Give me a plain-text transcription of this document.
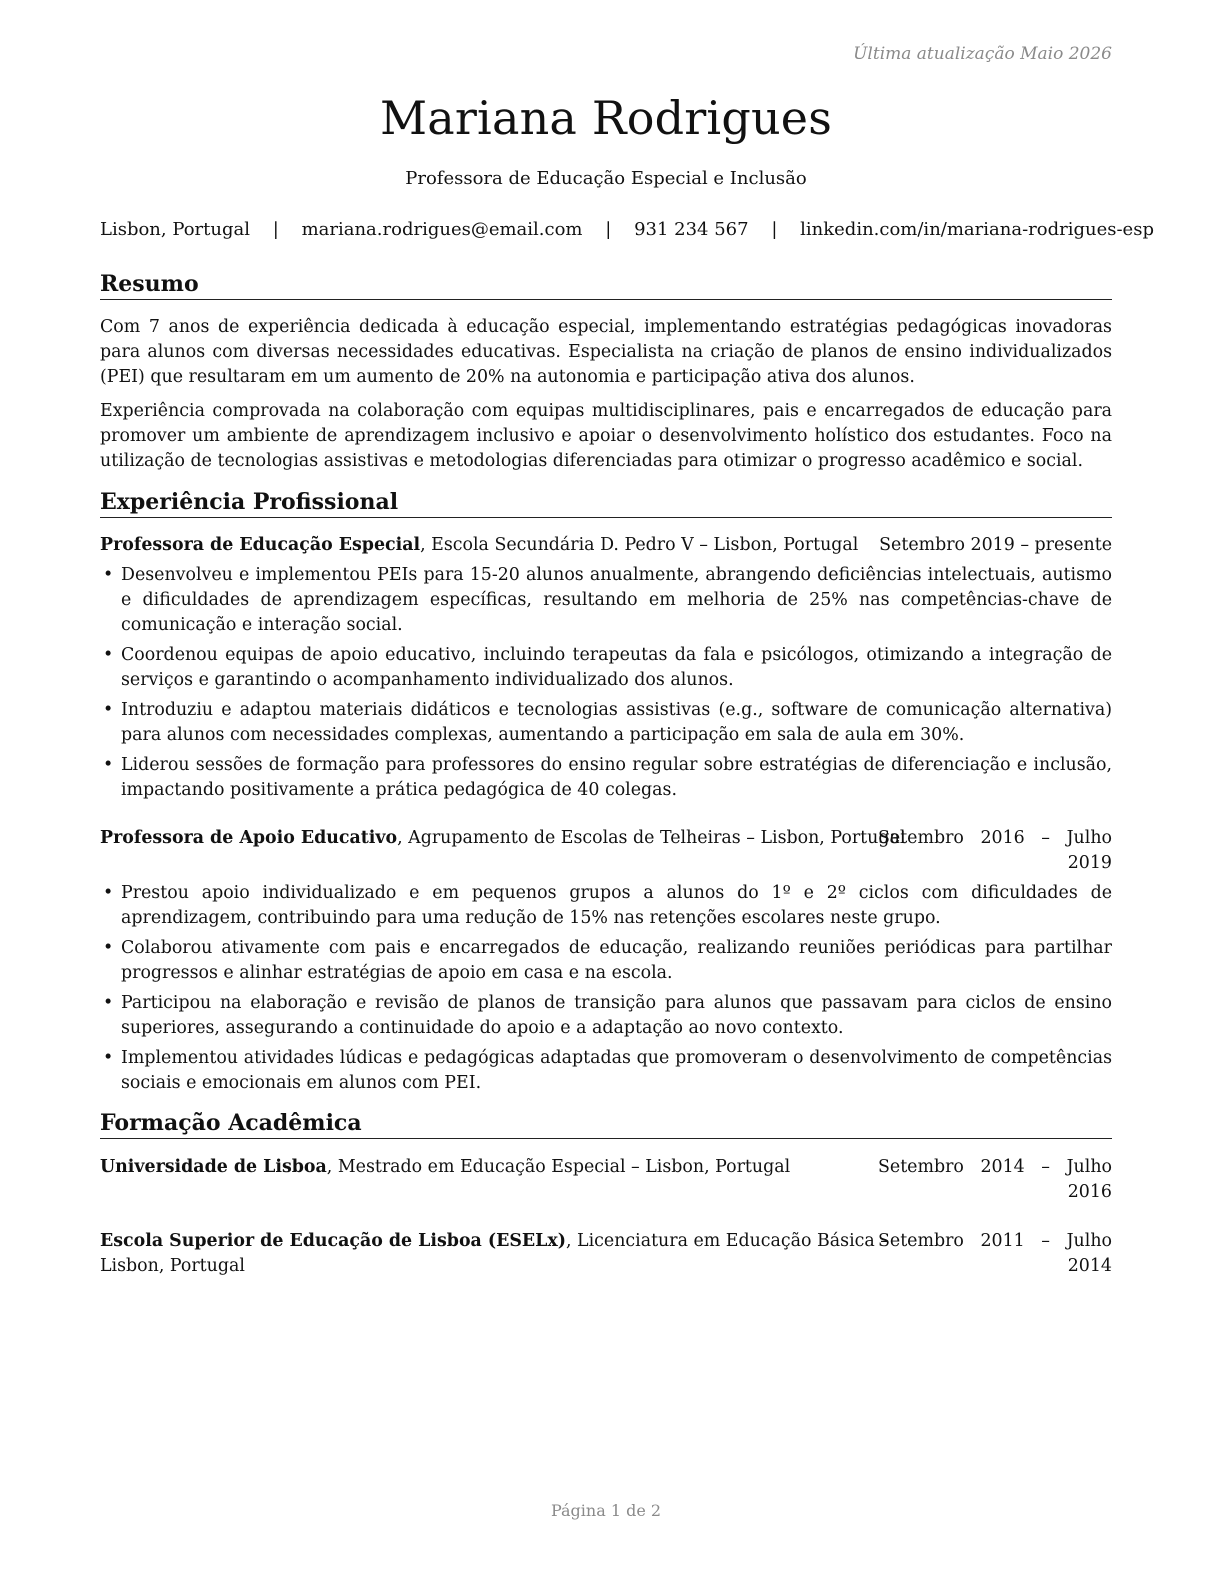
Última atualização Maio 2026
Mariana Rodrigues
Professora de Educação Especial e Inclusão
Lisbon, Portugal | mariana.rodrigues@email.com | 931 234 567 | linkedin.com/in/mariana-rodrigues-esp
Resumo
Com 7 anos de experiência dedicada à educação especial, implementando estratégias pedagógicas inovadoras para alunos com diversas necessidades educativas. Especialista na criação de planos de ensino individualizados (PEI) que resultaram em um aumento de 20% na autonomia e participação ativa dos alunos.
Experiência comprovada na colaboração com equipas multidisciplinares, pais e encarregados de educação para promover um ambiente de aprendizagem inclusivo e apoiar o desenvolvimento holístico dos estudantes. Foco na utilização de tecnologias assistivas e metodologias diferenciadas para otimizar o progresso acadêmico e social.
Experiência Profissional
Professora de Educação Especial, Escola Secundária D. Pedro V – Lisbon, Portugal Setembro 2019 – presente
• Desenvolveu e implementou PEIs para 15-20 alunos anualmente, abrangendo deficiências intelectuais, autismo e dificuldades de aprendizagem específicas, resultando em melhoria de 25% nas competências-chave de comunicação e interação social.
• Coordenou equipas de apoio educativo, incluindo terapeutas da fala e psicólogos, otimizando a integração de serviços e garantindo o acompanhamento individualizado dos alunos.
• Introduziu e adaptou materiais didáticos e tecnologias assistivas (e.g., software de comunicação alternativa) para alunos com necessidades complexas, aumentando a participação em sala de aula em 30%.
• Liderou sessões de formação para professores do ensino regular sobre estratégias de diferenciação e inclusão, impactando positivamente a prática pedagógica de 40 colegas.
Professora de Apoio Educativo, Agrupamento de Escolas de Telheiras – Lisbon, Portugal
Setembro   2016   –   Julho
2019
• Prestou apoio individualizado e em pequenos grupos a alunos do 1º e 2º ciclos com dificuldades de aprendizagem, contribuindo para uma redução de 15% nas retenções escolares neste grupo.
• Colaborou ativamente com pais e encarregados de educação, realizando reuniões periódicas para partilhar progressos e alinhar estratégias de apoio em casa e na escola.
• Participou na elaboração e revisão de planos de transição para alunos que passavam para ciclos de ensino superiores, assegurando a continuidade do apoio e a adaptação ao novo contexto.
• Implementou atividades lúdicas e pedagógicas adaptadas que promoveram o desenvolvimento de competências sociais e emocionais em alunos com PEI.
Formação Acadêmica
Universidade de Lisboa, Mestrado em Educação Especial – Lisbon, Portugal	Setembro   2014   –   Julho
2016
Escola Superior de Educação de Lisboa (ESELx), Licenciatura em Educação Básica –
Lisbon, Portugal
Setembro   2011   –   Julho
2014
Página 1 de 2
